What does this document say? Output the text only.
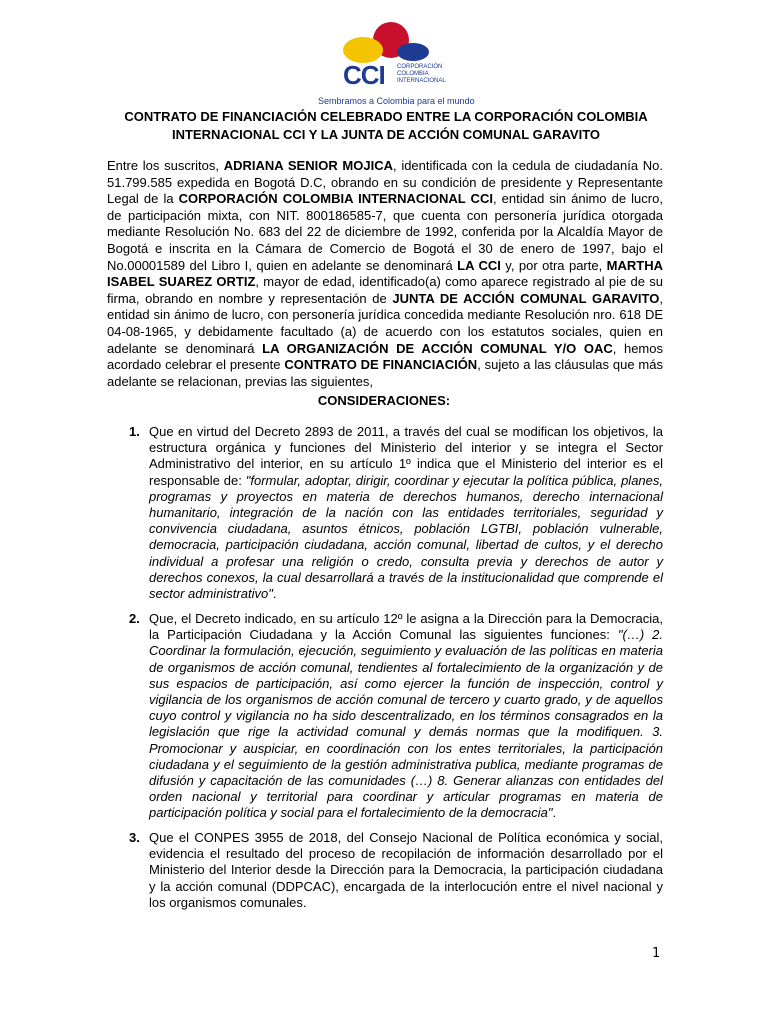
CCI CORPORACIÓN COLOMBIA INTERNACIONAL
Sembramos a Colombia para el mundo
CONTRATO DE FINANCIACIÓN CELEBRADO ENTRE LA CORPORACIÓN COLOMBIA INTERNACIONAL CCI Y LA JUNTA DE ACCIÓN COMUNAL GARAVITO
Entre los suscritos, ADRIANA SENIOR MOJICA, identificada con la cedula de ciudadanía No. 51.799.585 expedida en Bogotá D.C, obrando en su condición de presidente y Representante Legal de la CORPORACIÓN COLOMBIA INTERNACIONAL CCI, entidad sin ánimo de lucro, de participación mixta, con NIT. 800186585-7, que cuenta con personería jurídica otorgada mediante Resolución No. 683 del 22 de diciembre de 1992, conferida por la Alcaldía Mayor de Bogotá e inscrita en la Cámara de Comercio de Bogotá el 30 de enero de 1997, bajo el No.00001589 del Libro I, quien en adelante se denominará LA CCI y, por otra parte, MARTHA ISABEL SUAREZ ORTIZ, mayor de edad, identificado(a) como aparece registrado al pie de su firma, obrando en nombre y representación de JUNTA DE ACCIÓN COMUNAL GARAVITO, entidad sin ánimo de lucro, con personería jurídica concedida mediante Resolución nro. 618 DE 04-08-1965, y debidamente facultado (a) de acuerdo con los estatutos sociales, quien en adelante se denominará LA ORGANIZACIÓN DE ACCIÓN COMUNAL Y/O OAC, hemos acordado celebrar el presente CONTRATO DE FINANCIACIÓN, sujeto a las cláusulas que más adelante se relacionan, previas las siguientes,
CONSIDERACIONES:
1. Que en virtud del Decreto 2893 de 2011, a través del cual se modifican los objetivos, la estructura orgánica y funciones del Ministerio del interior y se integra el Sector Administrativo del interior, en su artículo 1º indica que el Ministerio del interior es el responsable de: "formular, adoptar, dirigir, coordinar y ejecutar la política pública, planes, programas y proyectos en materia de derechos humanos, derecho internacional humanitario, integración de la nación con las entidades territoriales, seguridad y convivencia ciudadana, asuntos étnicos, población LGTBI, población vulnerable, democracia, participación ciudadana, acción comunal, libertad de cultos, y el derecho individual a profesar una religión o credo, consulta previa y derechos de autor y derechos conexos, la cual desarrollará a través de la institucionalidad que comprende el sector administrativo".
2. Que, el Decreto indicado, en su artículo 12º le asigna a la Dirección para la Democracia, la Participación Ciudadana y la Acción Comunal las siguientes funciones: "(…) 2. Coordinar la formulación, ejecución, seguimiento y evaluación de las políticas en materia de organismos de acción comunal, tendientes al fortalecimiento de la organización y de sus espacios de participación, así como ejercer la función de inspección, control y vigilancia de los organismos de acción comunal de tercero y cuarto grado, y de aquellos cuyo control y vigilancia no ha sido descentralizado, en los términos consagrados en la legislación que rige la actividad comunal y demás normas que la modifiquen. 3. Promocionar y auspiciar, en coordinación con los entes territoriales, la participación ciudadana y el seguimiento de la gestión administrativa publica, mediante programas de difusión y capacitación de las comunidades (…) 8. Generar alianzas con entidades del orden nacional y territorial para coordinar y articular programas en materia de participación política y social para el fortalecimiento de la democracia".
3. Que el CONPES 3955 de 2018, del Consejo Nacional de Política económica y social, evidencia el resultado del proceso de recopilación de información desarrollado por el Ministerio del Interior desde la Dirección para la Democracia, la participación ciudadana y la acción comunal (DDPCAC), encargada de la interlocución entre el nivel nacional y los organismos comunales.
1
